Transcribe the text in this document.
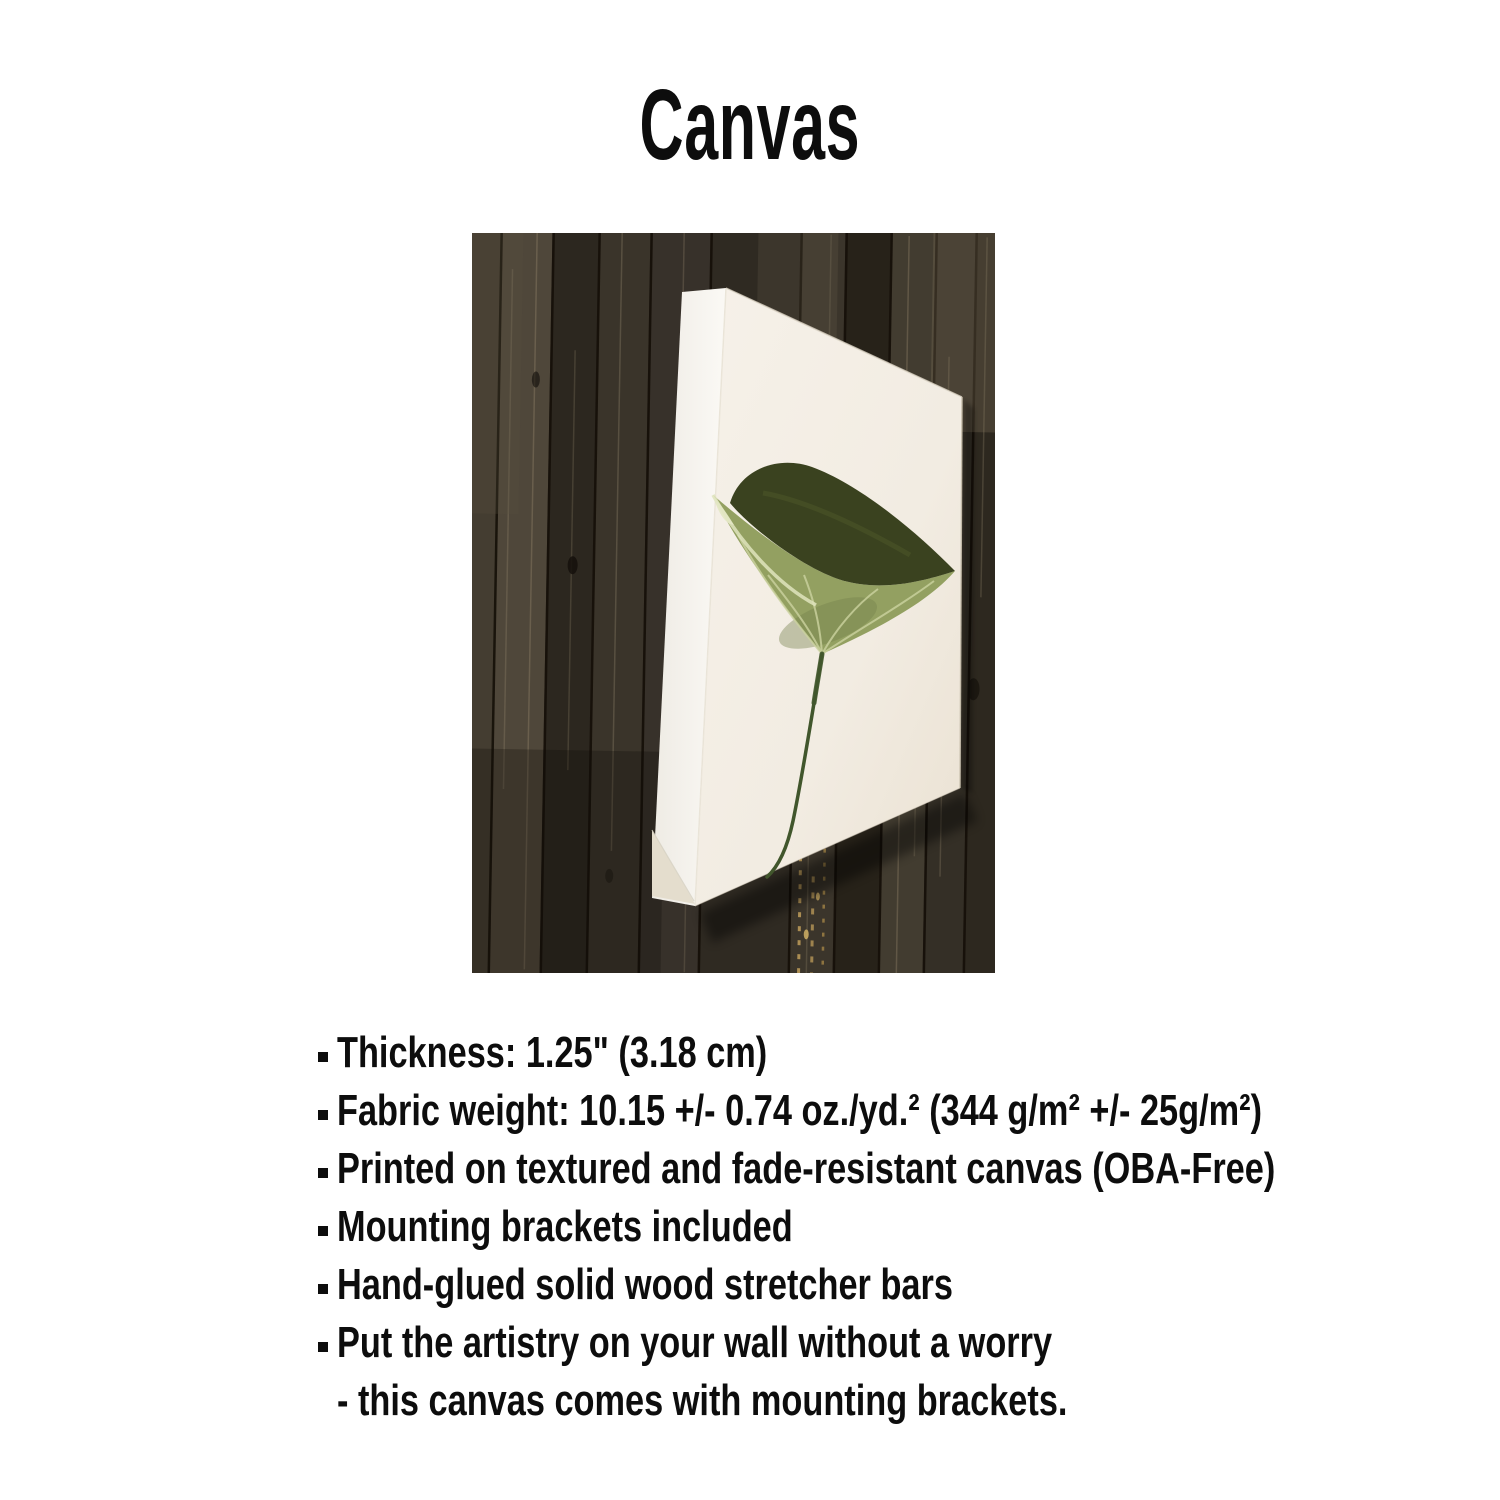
Canvas
Thickness: 1.25" (3.18 cm)
Fabric weight: 10.15 +/- 0.74 oz./yd.² (344 g/m² +/- 25g/m²)
Printed on textured and fade-resistant canvas (OBA-Free)
Mounting brackets included
Hand-glued solid wood stretcher bars
Put the artistry on your wall without a worry
- this canvas comes with mounting brackets.
